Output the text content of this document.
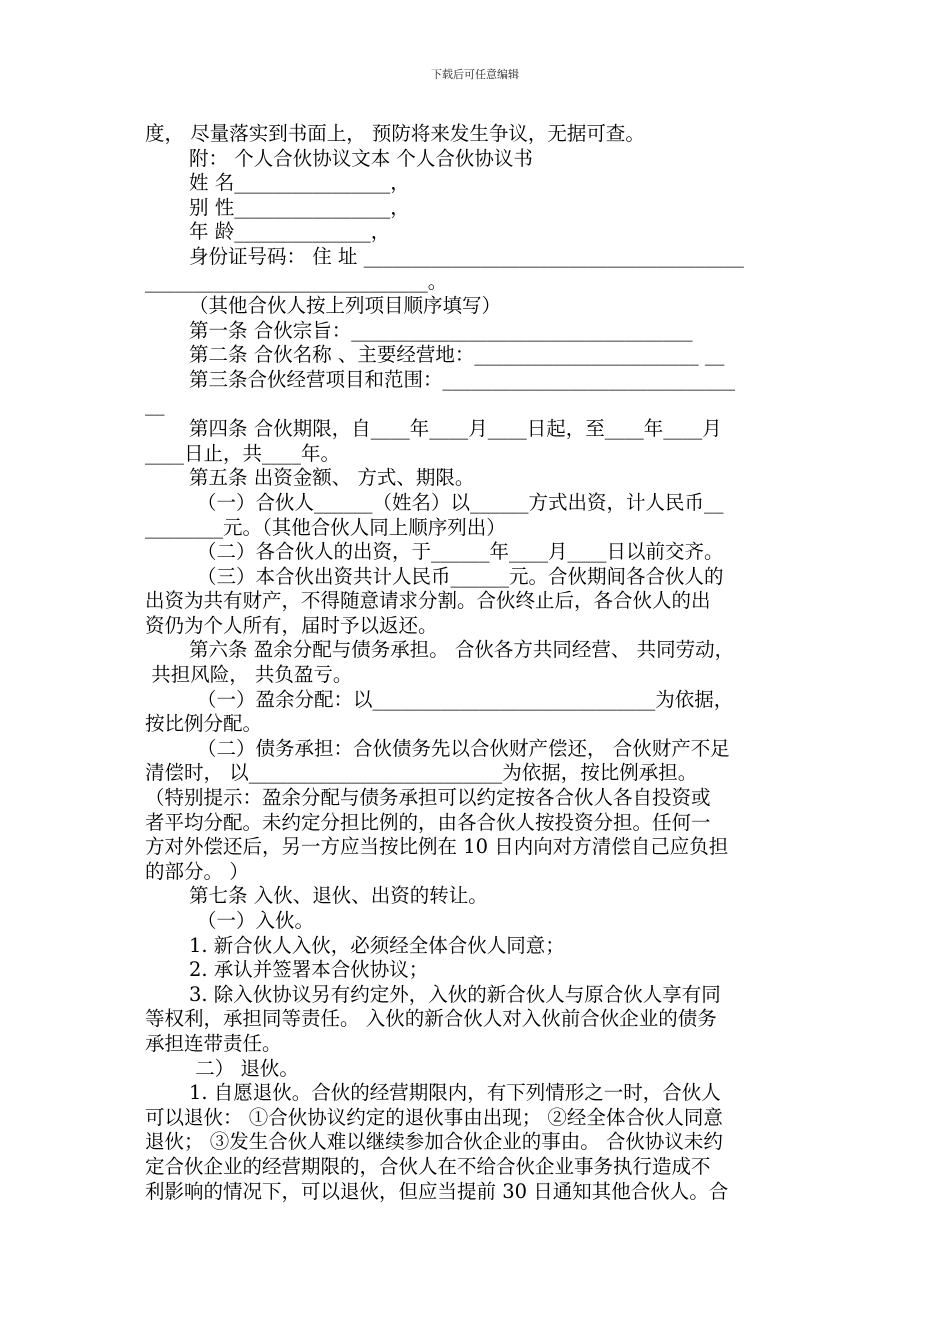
下载后可任意编辑
度， 尽量落实到书面上， 预防将来发生争议，无据可查。
附： 个人合伙协议文本 个人合伙协议书
姓 名________________，
别 性________________，
年 龄______________，
身份证号码： 住 址 _______________________________________
_____________________________。
（其他合伙人按上列项目顺序填写）
第一条 合伙宗旨：___________________________________
第二条 合伙名称 、主要经营地：_______________________ __
第三条合伙经营项目和范围：______________________________
__
第四条 合伙期限，自____年____月____日起，至____年____月
____日止，共____年。
第五条 出资金额、 方式、期限。
（一）合伙人______（姓名）以______方式出资，计人民币__
________元。（其他合伙人同上顺序列出）
（二）各合伙人的出资，于______年____月____日以前交齐。
（三）本合伙出资共计人民币______元。合伙期间各合伙人的
出资为共有财产，不得随意请求分割。合伙终止后，各合伙人的出
资仍为个人所有，届时予以返还。
第六条 盈余分配与债务承担。 合伙各方共同经营、 共同劳动，
共担风险， 共负盈亏。
（一）盈余分配：以_____________________________为依据，
按比例分配。
（二）债务承担：合伙债务先以合伙财产偿还， 合伙财产不足
清偿时， 以__________________________为依据，按比例承担。
（特别提示：盈余分配与债务承担可以约定按各合伙人各自投资或
者平均分配。未约定分担比例的，由各合伙人按投资分担。任何一
方对外偿还后，另一方应当按比例在 10 日内向对方清偿自己应负担
的部分。 ）
第七条 入伙、退伙、出资的转让。
（一）入伙。
1. 新合伙人入伙，必须经全体合伙人同意；
2. 承认并签署本合伙协议；
3. 除入伙协议另有约定外，入伙的新合伙人与原合伙人享有同
等权利，承担同等责任。 入伙的新合伙人对入伙前合伙企业的债务
承担连带责任。
二） 退伙。
1. 自愿退伙。合伙的经营期限内，有下列情形之一时，合伙人
可以退伙： ①合伙协议约定的退伙事由出现； ②经全体合伙人同意
退伙； ③发生合伙人难以继续参加合伙企业的事由。 合伙协议未约
定合伙企业的经营期限的，合伙人在不给合伙企业事务执行造成不
利影响的情况下，可以退伙，但应当提前 30 日通知其他合伙人。合
